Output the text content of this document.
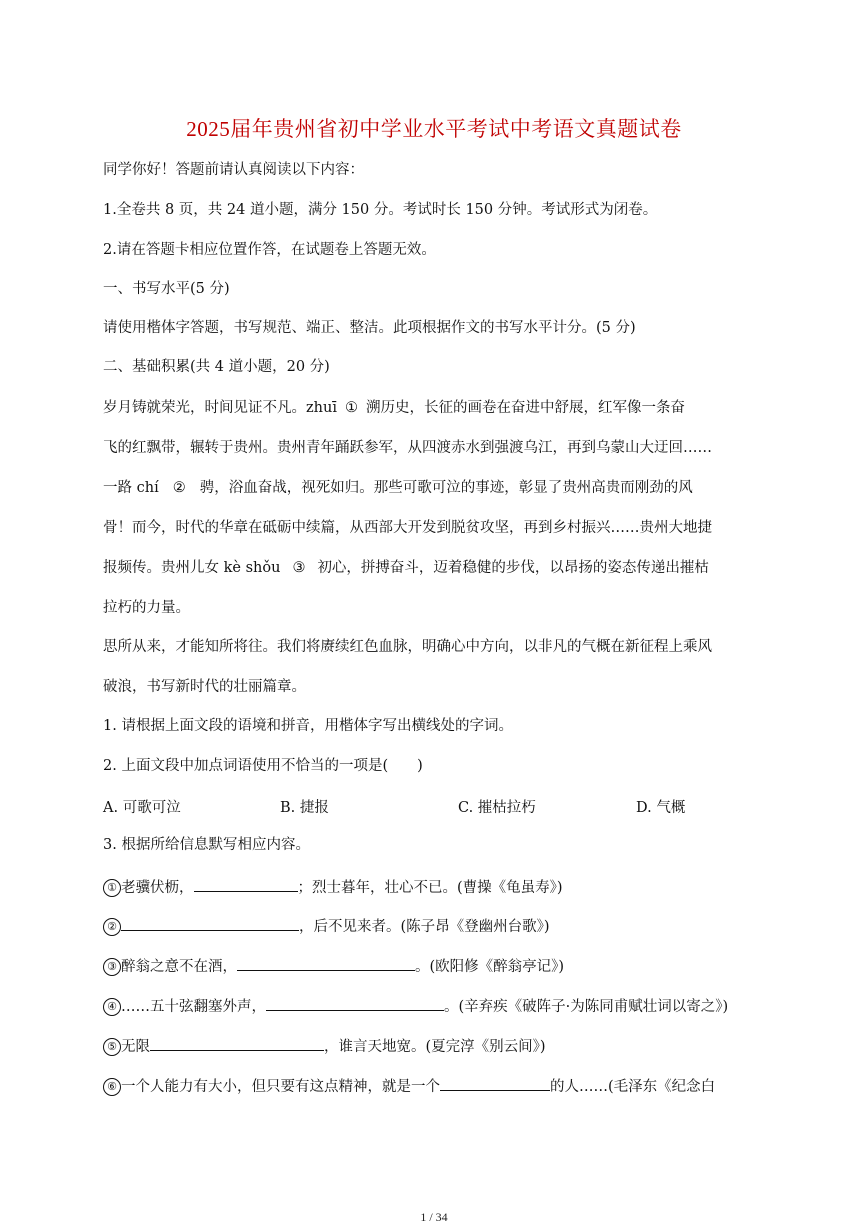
2025届年贵州省初中学业水平考试中考语文真题试卷
同学你好！答题前请认真阅读以下内容：
1.全卷共 8 页，共 24 道小题，满分 150 分。考试时长 150 分钟。考试形式为闭卷。
2.请在答题卡相应位置作答，在试题卷上答题无效。
一、书写水平(5 分)
请使用楷体字答题，书写规范、端正、整洁。此项根据作文的书写水平计分。(5 分)
二、基础积累(共 4 道小题，20 分)
岁月铸就荣光，时间见证不凡。zhuī ① 溯历史，长征的画卷在奋进中舒展，红军像一条奋
飞的红飘带，辗转于贵州。贵州青年踊跃参军，从四渡赤水到强渡乌江，再到乌蒙山大迂回……
一路 chí ② 骋，浴血奋战，视死如归。那些可歌可泣的事迹，彰显了贵州高贵而刚劲的风
骨！而今，时代的华章在砥砺中续篇，从西部大开发到脱贫攻坚，再到乡村振兴……贵州大地捷
报频传。贵州儿女 kè shǒu ③ 初心，拼搏奋斗，迈着稳健的步伐，以昂扬的姿态传递出摧枯
拉朽的力量。
思所从来，才能知所将往。我们将赓续红色血脉，明确心中方向，以非凡的气概在新征程上乘风
破浪，书写新时代的壮丽篇章。
1. 请根据上面文段的语境和拼音，用楷体字写出横线处的字词。
2. 上面文段中加点词语使用不恰当的一项是(　　)
A. 可歌可泣	B. 捷报	C. 摧枯拉朽	D. 气概
3. 根据所给信息默写相应内容。
① 老骥伏枥，	；烈士暮年，壮心不已。(曹操《龟虽寿》)
②	，后不见来者。(陈子昂《登幽州台歌》)
③ 醉翁之意不在酒，	。(欧阳修《醉翁亭记》)
④ ……五十弦翻塞外声，	。(辛弃疾《破阵子·为陈同甫赋壮词以寄之》)
⑤ 无限	，谁言天地宽。(夏完淳《别云间》)
⑥ 一个人能力有大小，但只要有这点精神，就是一个	的人……(毛泽东《纪念白
1 / 34
